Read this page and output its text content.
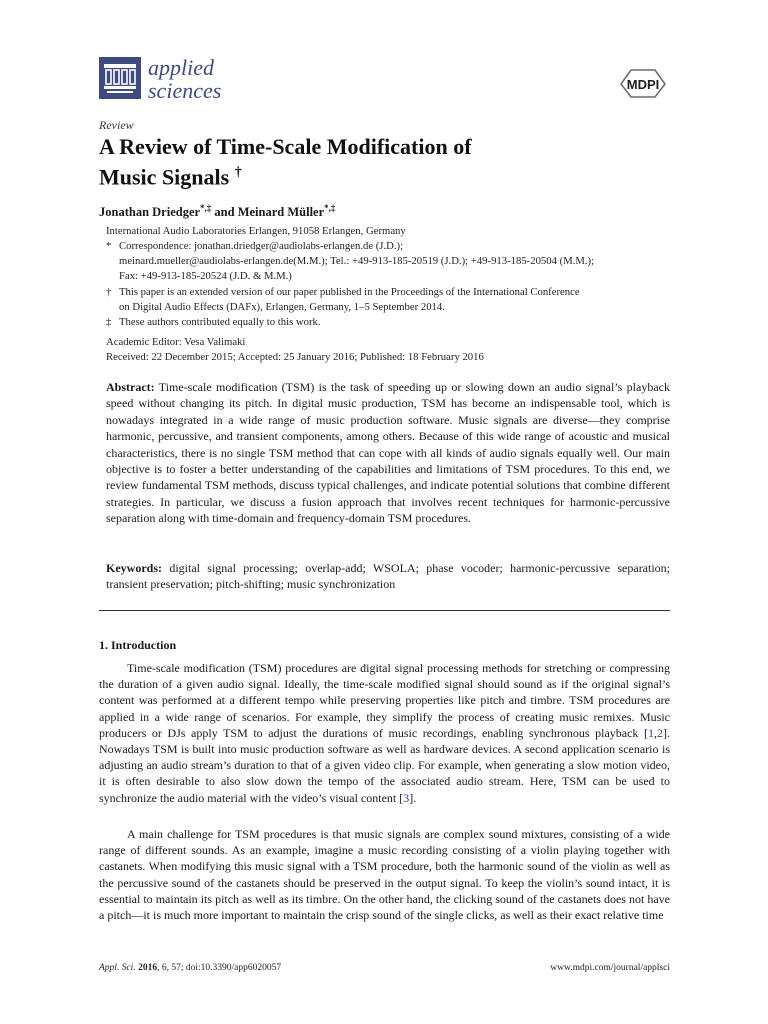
applied
sciences	MDPI
Review
A Review of Time-Scale Modification of
Music Signals †
Jonathan Driedger*,‡ and Meinard Müller*,‡
International Audio Laboratories Erlangen, 91058 Erlangen, Germany
* Correspondence: jonathan.driedger@audiolabs-erlangen.de (J.D.);
meinard.mueller@audiolabs-erlangen.de(M.M.); Tel.: +49-913-185-20519 (J.D.); +49-913-185-20504 (M.M.);
Fax: +49-913-185-20524 (J.D. & M.M.)
† This paper is an extended version of our paper published in the Proceedings of the International Conference
on Digital Audio Effects (DAFx), Erlangen, Germany, 1–5 September 2014.
‡ These authors contributed equally to this work.
Academic Editor: Vesa Valimaki
Received: 22 December 2015; Accepted: 25 January 2016; Published: 18 February 2016
Abstract: Time-scale modification (TSM) is the task of speeding up or slowing down an audio signal’s playback speed without changing its pitch. In digital music production, TSM has become an indispensable tool, which is nowadays integrated in a wide range of music production software. Music signals are diverse—they comprise harmonic, percussive, and transient components, among others. Because of this wide range of acoustic and musical characteristics, there is no single TSM method that can cope with all kinds of audio signals equally well. Our main objective is to foster a better understanding of the capabilities and limitations of TSM procedures. To this end, we review fundamental TSM methods, discuss typical challenges, and indicate potential solutions that combine different strategies. In particular, we discuss a fusion approach that involves recent techniques for harmonic-percussive separation along with time-domain and frequency-domain TSM procedures.
Keywords: digital signal processing; overlap-add; WSOLA; phase vocoder; harmonic-percussive separation; transient preservation; pitch-shifting; music synchronization
1. Introduction
Time-scale modification (TSM) procedures are digital signal processing methods for stretching or compressing the duration of a given audio signal. Ideally, the time-scale modified signal should sound as if the original signal’s content was performed at a different tempo while preserving properties like pitch and timbre. TSM procedures are applied in a wide range of scenarios. For example, they simplify the process of creating music remixes. Music producers or DJs apply TSM to adjust the durations of music recordings, enabling synchronous playback [1,2]. Nowadays TSM is built into music production software as well as hardware devices. A second application scenario is adjusting an audio stream’s duration to that of a given video clip. For example, when generating a slow motion video, it is often desirable to also slow down the tempo of the associated audio stream. Here, TSM can be used to synchronize the audio material with the video’s visual content [3].
A main challenge for TSM procedures is that music signals are complex sound mixtures, consisting of a wide range of different sounds. As an example, imagine a music recording consisting of a violin playing together with castanets. When modifying this music signal with a TSM procedure, both the harmonic sound of the violin as well as the percussive sound of the castanets should be preserved in the output signal. To keep the violin’s sound intact, it is essential to maintain its pitch as well as its timbre. On the other hand, the clicking sound of the castanets does not have a pitch—it is much more important to maintain the crisp sound of the single clicks, as well as their exact relative time
Appl. Sci. 2016, 6, 57; doi:10.3390/app6020057	www.mdpi.com/journal/applsci
